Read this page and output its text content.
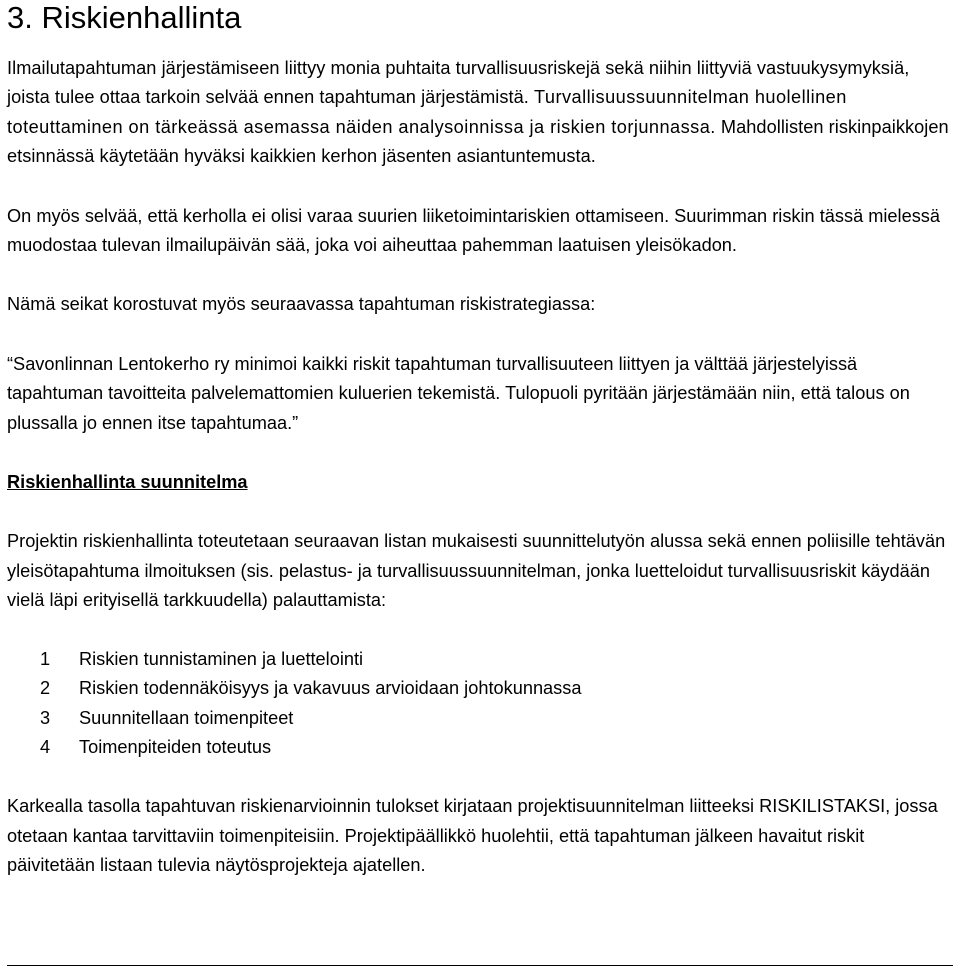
3. Riskienhallinta

Ilmailutapahtuman järjestämiseen liittyy monia puhtaita turvallisuusriskejä sekä niihin liittyviä vastuukysymyksiä, joista tulee ottaa tarkoin selvää ennen tapahtuman järjestämistä. Turvallisuussuunnitelman huolellinen toteuttaminen on tärkeässä asemassa näiden analysoinnissa ja riskien torjunnassa. Mahdollisten riskinpaikkojen etsinnässä käytetään hyväksi kaikkien kerhon jäsenten asiantuntemusta.

On myös selvää, että kerholla ei olisi varaa suurien liiketoimintariskien ottamiseen. Suurimman riskin tässä mielessä muodostaa tulevan ilmailupäivän sää, joka voi aiheuttaa pahemman laatuisen yleisökadon.

Nämä seikat korostuvat myös seuraavassa tapahtuman riskistrategiassa:

“Savonlinnan Lentokerho ry minimoi kaikki riskit tapahtuman turvallisuuteen liittyen ja välttää järjestelyissä tapahtuman tavoitteita palvelemattomien kuluerien tekemistä. Tulopuoli pyritään järjestämään niin, että talous on plussalla jo ennen itse tapahtumaa.”

Riskienhallinta suunnitelma

Projektin riskienhallinta toteutetaan seuraavan listan mukaisesti suunnittelutyön alussa sekä ennen poliisille tehtävän yleisötapahtuma ilmoituksen (sis. pelastus- ja turvallisuussuunnitelman, jonka luetteloidut turvallisuusriskit käydään vielä läpi erityisellä tarkkuudella) palauttamista:

1	Riskien tunnistaminen ja luettelointi
2	Riskien todennäköisyys ja vakavuus arvioidaan johtokunnassa
3	Suunnitellaan toimenpiteet
4	Toimenpiteiden toteutus

Karkealla tasolla tapahtuvan riskienarvioinnin tulokset kirjataan projektisuunnitelman liitteeksi RISKILISTAKSI, jossa otetaan kantaa tarvittaviin toimenpiteisiin. Projektipäällikkö huolehtii, että tapahtuman jälkeen havaitut riskit päivitetään listaan tulevia näytösprojekteja ajatellen.
